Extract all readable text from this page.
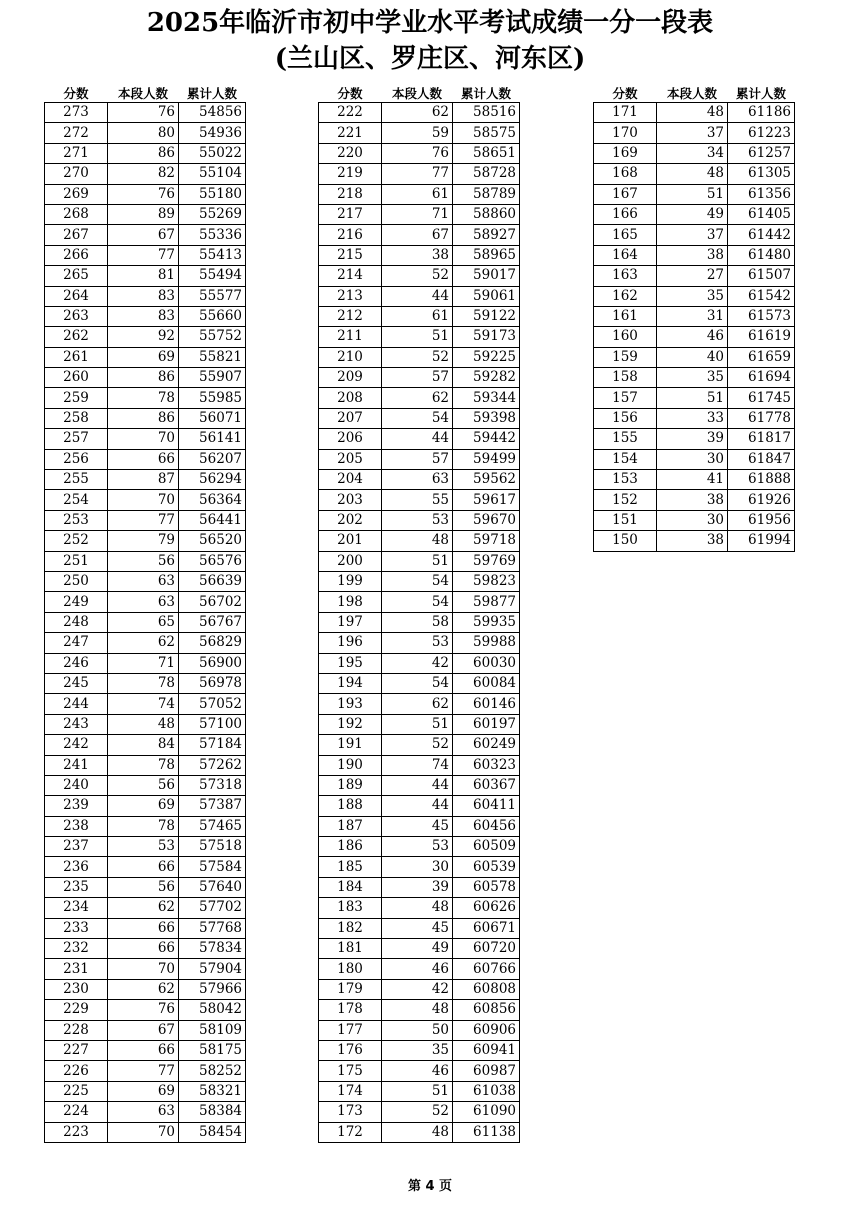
2025年临沂市初中学业水平考试成绩一分一段表
(兰山区、罗庄区、河东区)
分数	本段人数	累计人数
273	76	54856
272	80	54936
271	86	55022
270	82	55104
269	76	55180
268	89	55269
267	67	55336
266	77	55413
265	81	55494
264	83	55577
263	83	55660
262	92	55752
261	69	55821
260	86	55907
259	78	55985
258	86	56071
257	70	56141
256	66	56207
255	87	56294
254	70	56364
253	77	56441
252	79	56520
251	56	56576
250	63	56639
249	63	56702
248	65	56767
247	62	56829
246	71	56900
245	78	56978
244	74	57052
243	48	57100
242	84	57184
241	78	57262
240	56	57318
239	69	57387
238	78	57465
237	53	57518
236	66	57584
235	56	57640
234	62	57702
233	66	57768
232	66	57834
231	70	57904
230	62	57966
229	76	58042
228	67	58109
227	66	58175
226	77	58252
225	69	58321
224	63	58384
223	70	58454
分数	本段人数	累计人数
222	62	58516
221	59	58575
220	76	58651
219	77	58728
218	61	58789
217	71	58860
216	67	58927
215	38	58965
214	52	59017
213	44	59061
212	61	59122
211	51	59173
210	52	59225
209	57	59282
208	62	59344
207	54	59398
206	44	59442
205	57	59499
204	63	59562
203	55	59617
202	53	59670
201	48	59718
200	51	59769
199	54	59823
198	54	59877
197	58	59935
196	53	59988
195	42	60030
194	54	60084
193	62	60146
192	51	60197
191	52	60249
190	74	60323
189	44	60367
188	44	60411
187	45	60456
186	53	60509
185	30	60539
184	39	60578
183	48	60626
182	45	60671
181	49	60720
180	46	60766
179	42	60808
178	48	60856
177	50	60906
176	35	60941
175	46	60987
174	51	61038
173	52	61090
172	48	61138
分数	本段人数	累计人数
171	48	61186
170	37	61223
169	34	61257
168	48	61305
167	51	61356
166	49	61405
165	37	61442
164	38	61480
163	27	61507
162	35	61542
161	31	61573
160	46	61619
159	40	61659
158	35	61694
157	51	61745
156	33	61778
155	39	61817
154	30	61847
153	41	61888
152	38	61926
151	30	61956
150	38	61994
第 4 页
